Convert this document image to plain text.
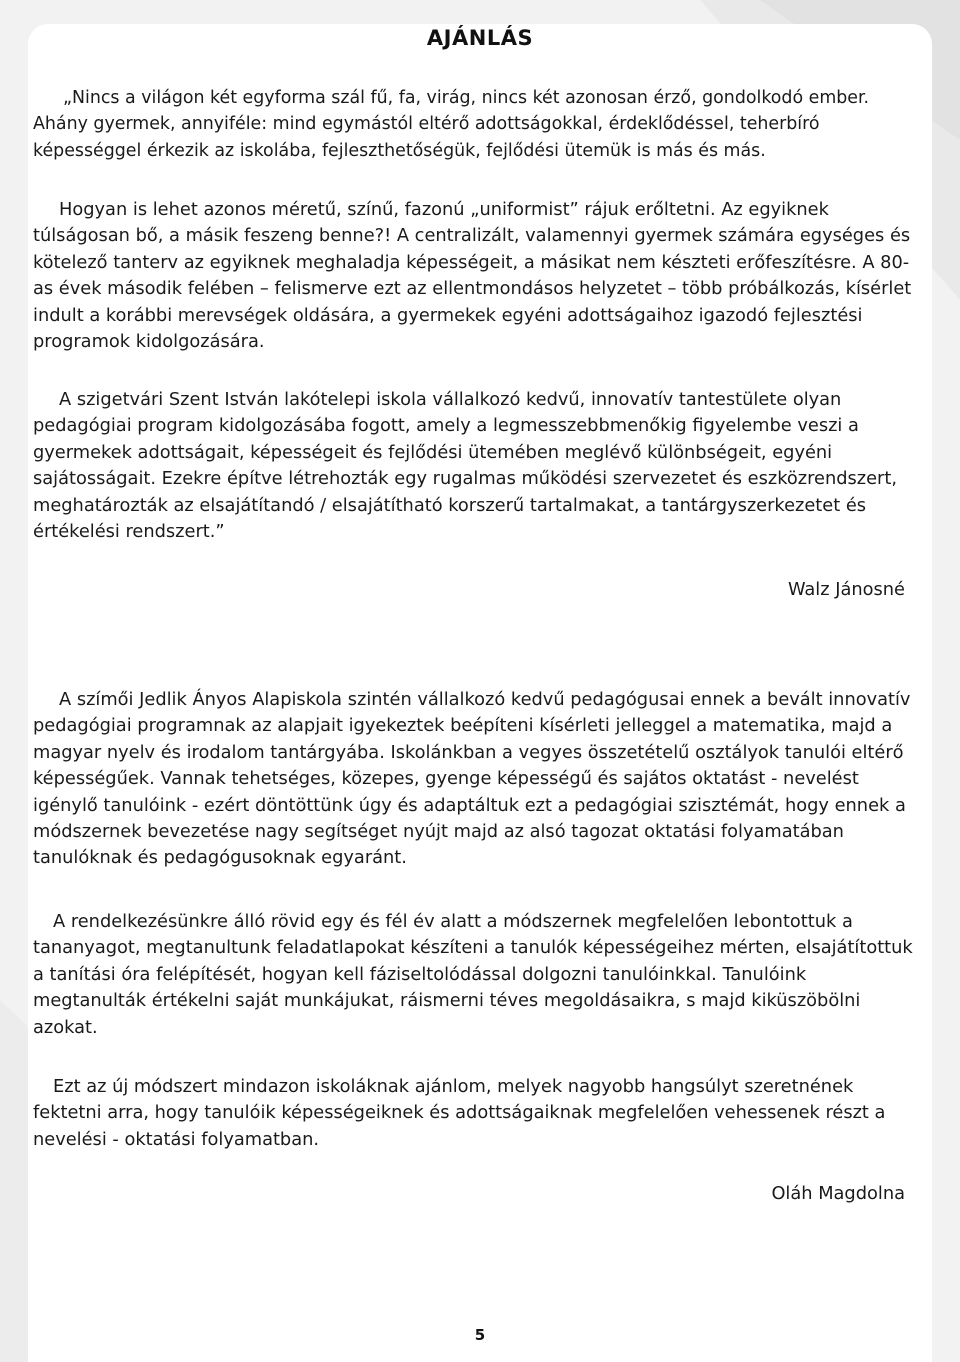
AJÁNLÁS

„Nincs a világon két egyforma szál fű, fa, virág, nincs két azonosan érző, gondolkodó ember. Ahány gyermek, annyiféle: mind egymástól eltérő adottságokkal, érdeklődéssel, teherbíró képességgel érkezik az iskolába, fejleszthetőségük, fejlődési ütemük is más és más.

Hogyan is lehet azonos méretű, színű, fazonú „uniformist” rájuk erőltetni. Az egyiknek túlságosan bő, a másik feszeng benne?! A centralizált, valamennyi gyermek számára egységes és kötelező tanterv az egyiknek meghaladja képességeit, a másikat nem készteti erőfeszítésre. A 80-as évek második felében – felismerve ezt az ellentmondásos helyzetet – több próbálkozás, kísérlet indult a korábbi merevségek oldására, a gyermekek egyéni adottságaihoz igazodó fejlesztési programok kidolgozására.

A szigetvári Szent István lakótelepi iskola vállalkozó kedvű, innovatív tantestülete olyan pedagógiai program kidolgozásába fogott, amely a legmesszebbmenőkig figyelembe veszi a gyermekek adottságait, képességeit és fejlődési ütemében meglévő különbségeit, egyéni sajátosságait. Ezekre építve létrehozták egy rugalmas működési szervezetet és eszközrendszert, meghatározták az elsajátítandó / elsajátítható korszerű tartalmakat, a tantárgyszerkezetet és értékelési rendszert.”

Walz Jánosné

A szímői Jedlik Ányos Alapiskola szintén vállalkozó kedvű pedagógusai ennek a bevált innovatív pedagógiai programnak az alapjait igyekeztek beépíteni kísérleti jelleggel a matematika, majd a magyar nyelv és irodalom tantárgyába. Iskolánkban a vegyes összetételű osztályok tanulói eltérő képességűek. Vannak tehetséges, közepes, gyenge képességű és sajátos oktatást - nevelést igénylő tanulóink - ezért döntöttünk úgy és adaptáltuk ezt a pedagógiai szisztémát, hogy ennek a módszernek bevezetése nagy segítséget nyújt majd az alsó tagozat oktatási folyamatában tanulóknak és pedagógusoknak egyaránt.

A rendelkezésünkre álló rövid egy és fél év alatt a módszernek megfelelően lebontottuk a tananyagot, megtanultunk feladatlapokat készíteni a tanulók képességeihez mérten, elsajátítottuk a tanítási óra felépítését, hogyan kell fáziseltolódással dolgozni tanulóinkkal. Tanulóink megtanulták értékelni saját munkájukat, ráismerni téves megoldásaikra, s majd kiküszöbölni azokat.

Ezt az új módszert mindazon iskoláknak ajánlom, melyek nagyobb hangsúlyt szeretnének fektetni arra, hogy tanulóik képességeiknek és adottságaiknak megfelelően vehessenek részt a nevelési - oktatási folyamatban.

Oláh Magdolna
5
